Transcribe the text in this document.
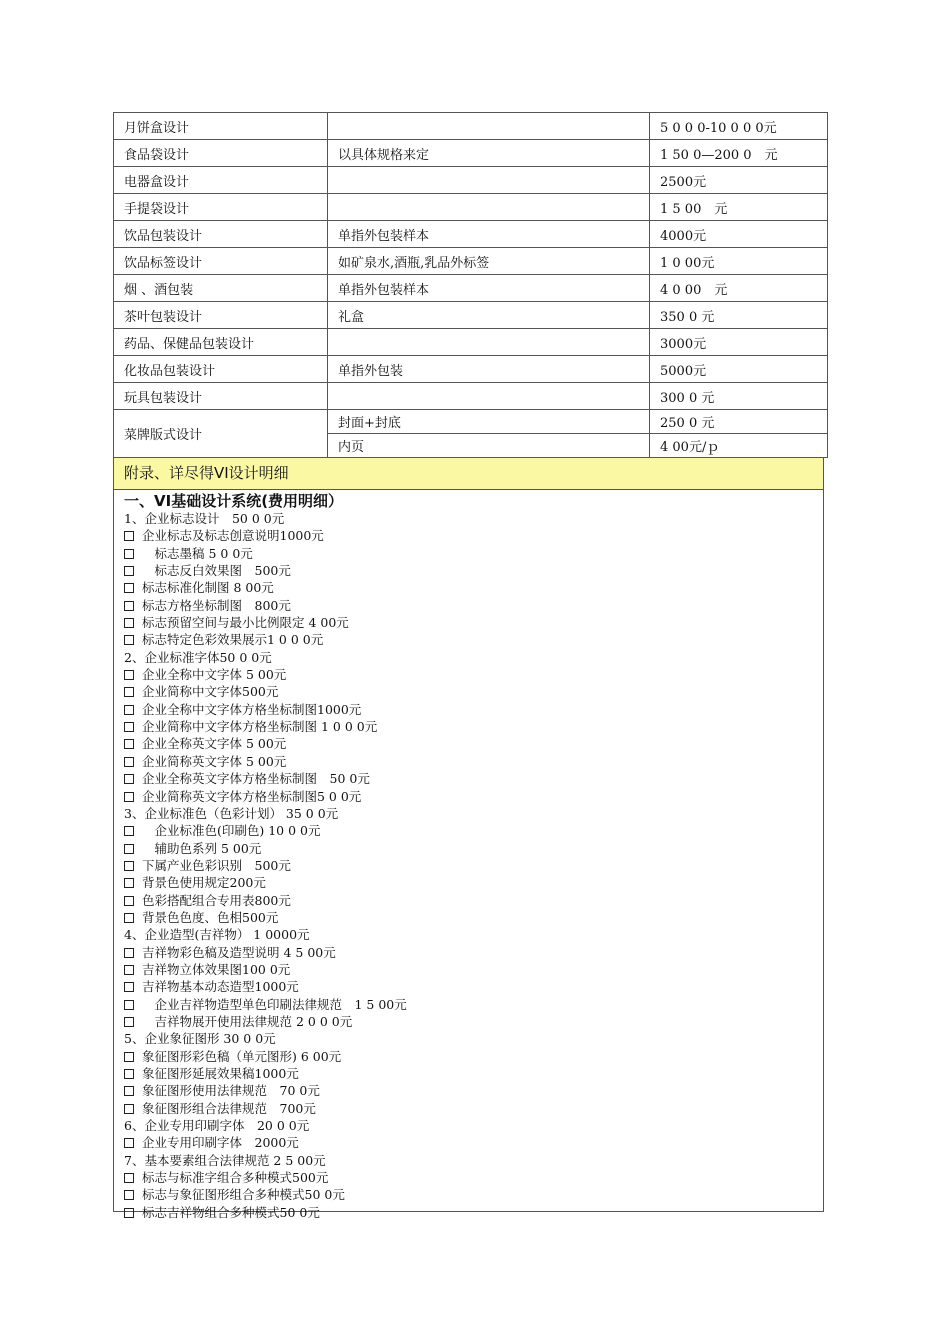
月饼盒设计		5 0 0 0-10 0 0 0元
食品袋设计	以具体规格来定	1 50 0—200 0　元
电器盒设计		2500元
手提袋设计		1 5 00　元
饮品包装设计	单指外包装样本	4000元
饮品标签设计	如矿泉水,酒瓶,乳品外标签	1 0 00元
烟 、酒包装	单指外包装样本	4 0 00　元
茶叶包装设计	礼盒	350 0 元
药品、保健品包装设计		3000元
化妆品包装设计	单指外包装	5000元
玩具包装设计		300 0 元
菜牌版式设计	封面+封底	250 0 元
	内页	4 00元/ｐ
附录、详尽得VI设计明细
一、VI基础设计系统(费用明细）
1、企业标志设计　50 0 0元
企业标志及标志创意说明1000元
　标志墨稿 5 0 0元
　标志反白效果图　500元
标志标准化制图 8 00元
标志方格坐标制图　800元
标志预留空间与最小比例限定 4 00元
标志特定色彩效果展示1 0 0 0元
2、企业标准字体50 0 0元
企业全称中文字体 5 00元
企业简称中文字体500元
企业全称中文字体方格坐标制图1000元
企业简称中文字体方格坐标制图 1 0 0 0元
企业全称英文字体 5 00元
企业简称英文字体 5 00元
企业全称英文字体方格坐标制图　50 0元
企业简称英文字体方格坐标制图5 0 0元
3、企业标准色（色彩计划） 35 0 0元
　企业标准色(印刷色) 10 0 0元
　辅助色系列 5 00元
下属产业色彩识别　500元
背景色使用规定200元
色彩搭配组合专用表800元
背景色色度、色相500元
4、企业造型(吉祥物） 1 0000元
吉祥物彩色稿及造型说明 4 5 00元
吉祥物立体效果图100 0元
吉祥物基本动态造型1000元
　企业吉祥物造型单色印刷法律规范　1 5 00元
　吉祥物展开使用法律规范 2 0 0 0元
5、企业象征图形 30 0 0元
象征图形彩色稿（单元图形) 6 00元
象征图形延展效果稿1000元
象征图形使用法律规范　70 0元
象征图形组合法律规范　700元
6、企业专用印刷字体　20 0 0元
企业专用印刷字体　2000元
7、基本要素组合法律规范 2 5 00元
标志与标准字组合多种模式500元
标志与象征图形组合多种模式50 0元
标志吉祥物组合多种模式50 0元
